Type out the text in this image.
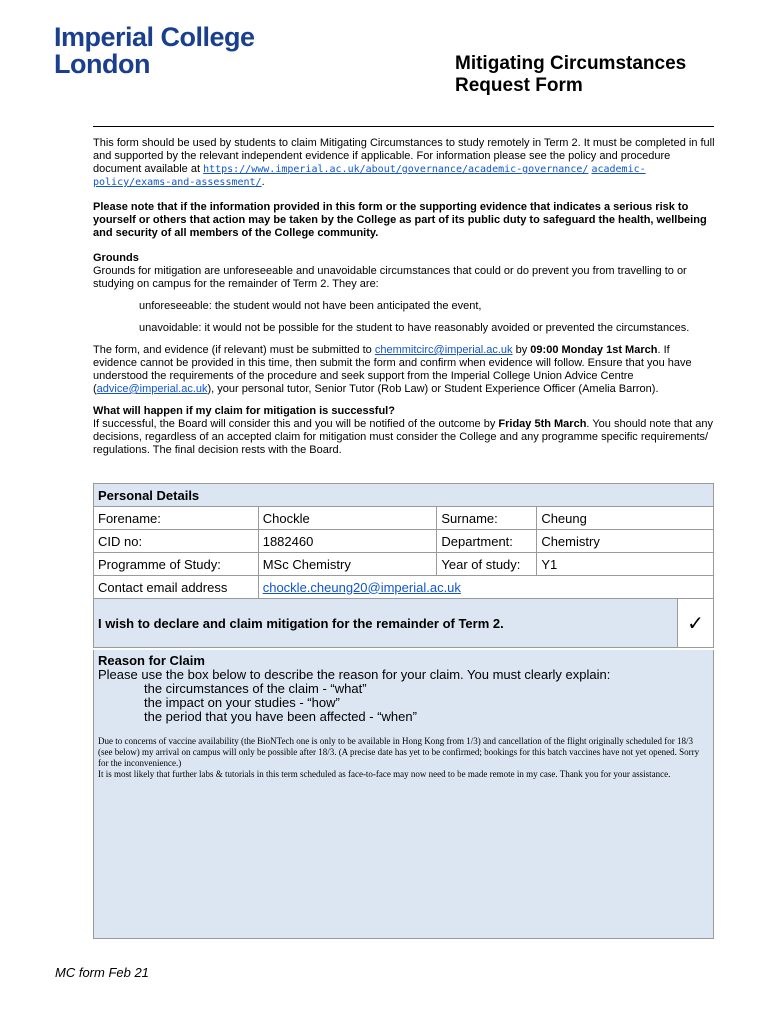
Imperial College
London	Mitigating Circumstances
Request Form

This form should be used by students to claim Mitigating Circumstances to study remotely in Term 2. It must be completed in full and supported by the relevant independent evidence if applicable. For information please see the policy and procedure document available at https://www.imperial.ac.uk/about/governance/academic-governance/ academic-policy/exams-and-assessment/.

Please note that if the information provided in this form or the supporting evidence that indicates a serious risk to yourself or others that action may be taken by the College as part of its public duty to safeguard the health, wellbeing and security of all members of the College community.

Grounds

Grounds for mitigation are unforeseeable and unavoidable circumstances that could or do prevent you from travelling to or studying on campus for the remainder of Term 2. They are:

unforeseeable: the student would not have been anticipated the event,

unavoidable: it would not be possible for the student to have reasonably avoided or prevented the circumstances.

The form, and evidence (if relevant) must be submitted to chemmitcirc@imperial.ac.uk by 09:00 Monday 1st March. If evidence cannot be provided in this time, then submit the form and confirm when evidence will follow. Ensure that you have understood the requirements of the procedure and seek support from the Imperial College Union Advice Centre (advice@imperial.ac.uk), your personal tutor, Senior Tutor (Rob Law) or Student Experience Officer (Amelia Barron).

What will happen if my claim for mitigation is successful?

If successful, the Board will consider this and you will be notified of the outcome by Friday 5th March. You should note that any decisions, regardless of an accepted claim for mitigation must consider the College and any programme specific requirements/ regulations. The final decision rests with the Board.

Personal Details				
Forename:	Chockle	Surname:	Cheung	
CID no:	1882460	Department:	Chemistry	
Programme of Study:	MSc Chemistry	Year of study:	Y1	
Contact email address	chockle.cheung20@imperial.ac.uk			
I wish to declare and claim mitigation for the remainder of Term 2.				✓
Reason for Claim
Please use the box below to describe the reason for your claim. You must clearly explain:
the circumstances of the claim - “what”
the impact on your studies - “how”
the period that you have been affected - “when”
Due to concerns of vaccine availability (the BioNTech one is only to be available in Hong Kong from 1/3) and cancellation of the flight originally scheduled for 18/3 (see below) my arrival on campus will only be possible after 18/3. (A precise date has yet to be confirmed; bookings for this batch vaccines have not yet opened. Sorry for the inconvenience.)
It is most likely that further labs & tutorials in this term scheduled as face-to-face may now need to be made remote in my case. Thank you for your assistance.
MC form Feb 21
